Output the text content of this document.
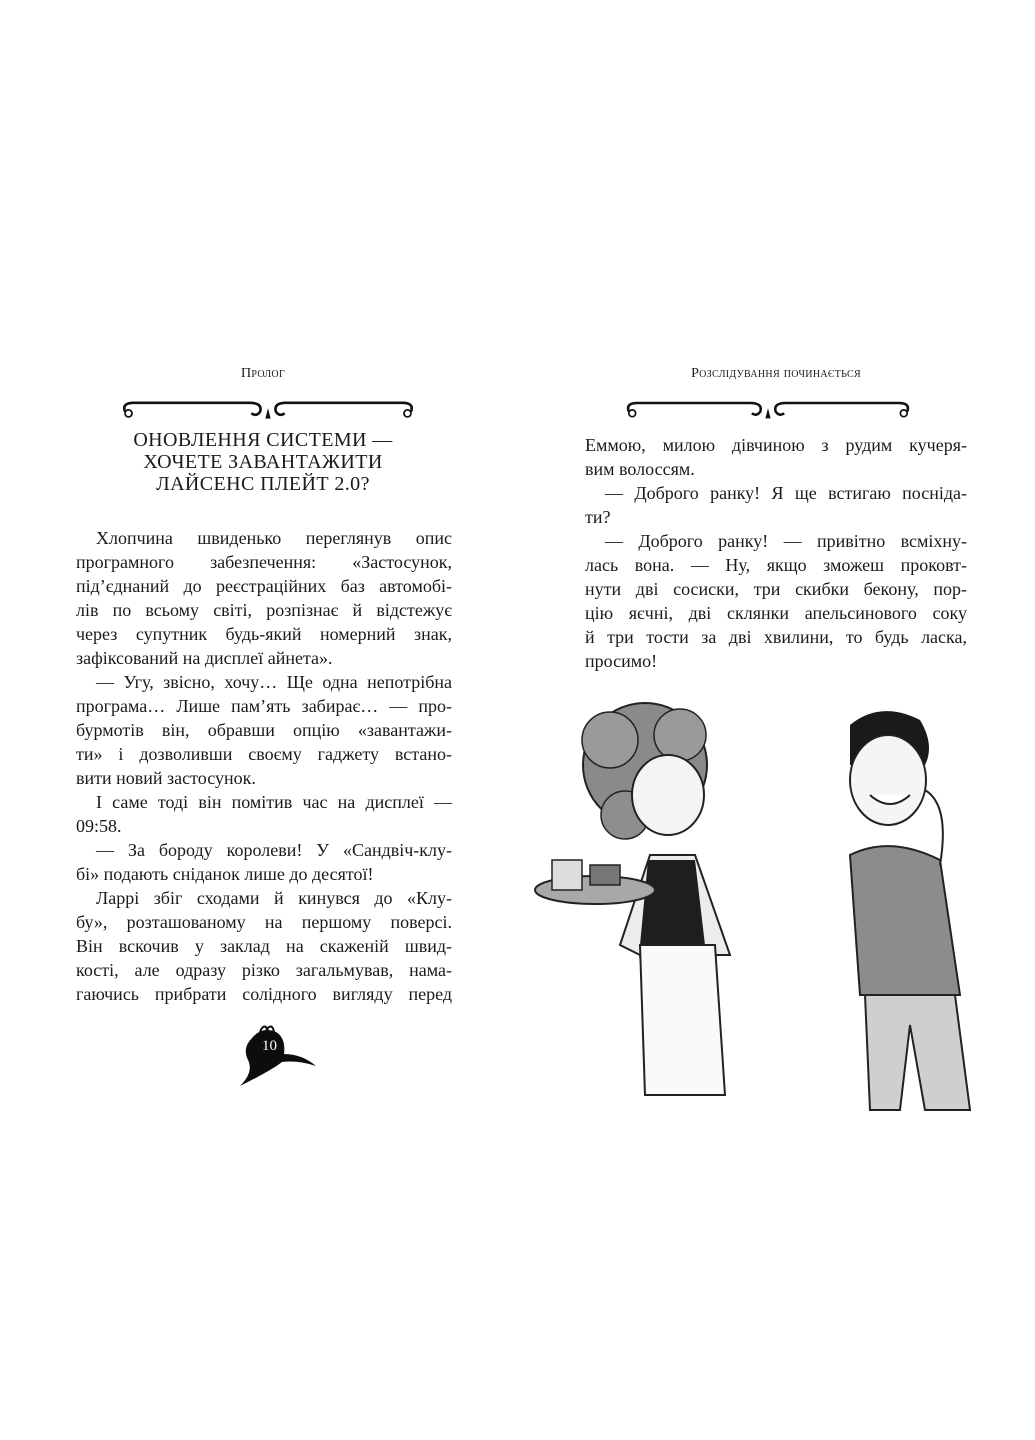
Пролог
ОНОВЛЕННЯ СИСТЕМИ —
ХОЧЕТЕ ЗАВАНТАЖИТИ
ЛАЙСЕНС ПЛЕЙТ 2.0?
Хлопчина швиденько переглянув опис
програмного забезпечення: «Застосунок,
під’єднаний до реєстраційних баз автомобі-
лів по всьому світі, розпізнає й відстежує
через супутник будь-який номерний знак,
зафіксований на дисплеї айнета».
— Угу, звісно, хочу… Ще одна непотрібна
програма… Лише пам’ять забирає… — про-
бурмотів він, обравши опцію «завантажи-
ти» і дозволивши своєму гаджету встано-
вити новий застосунок.
І саме тоді він помітив час на дисплеї —
09:58.
— За бороду королеви! У «Сандвіч-клу-
бі» подають сніданок лише до десятої!
Ларрі збіг сходами й кинувся до «Клу-
бу», розташованому на першому поверсі.
Він вскочив у заклад на скаженій швид-
кості, але одразу різко загальмував, нама-
гаючись прибрати солідного вигляду перед
10
Розслідування починається
Еммою, милою дівчиною з рудим кучеря-
вим волоссям.
— Доброго ранку! Я ще встигаю посніда-
ти?
— Доброго ранку! — привітно всміхну-
лась вона. — Ну, якщо зможеш проковт-
нути дві сосиски, три скибки бекону, пор-
цію яєчні, дві склянки апельсинового соку
й три тости за дві хвилини, то будь ласка,
просимо!
